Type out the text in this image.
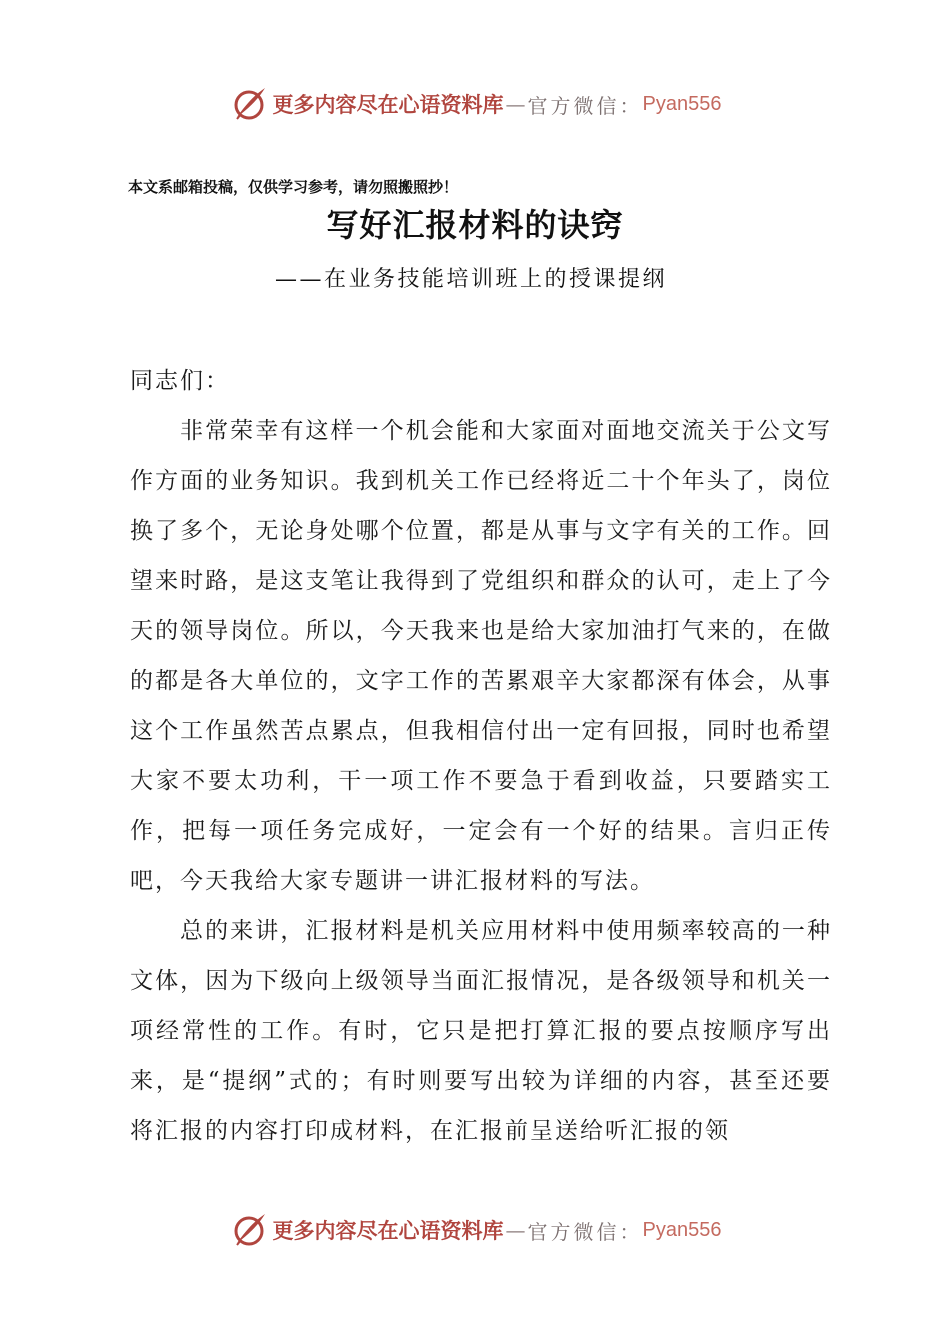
更多内容尽在心语资料库 — 官方微信： Pyan556
本文系邮箱投稿，仅供学习参考，请勿照搬照抄！
写好汇报材料的诀窍
——在业务技能培训班上的授课提纲

同志们：

非常荣幸有这样一个机会能和大家面对面地交流关于公文写作方面的业务知识。我到机关工作已经将近二十个年头了，岗位换了多个，无论身处哪个位置，都是从事与文字有关的工作。回望来时路，是这支笔让我得到了党组织和群众的认可，走上了今天的领导岗位。所以，今天我来也是给大家加油打气来的，在做的都是各大单位的，文字工作的苦累艰辛大家都深有体会，从事这个工作虽然苦点累点，但我相信付出一定有回报，同时也希望大家不要太功利，干一项工作不要急于看到收益，只要踏实工作，把每一项任务完成好，一定会有一个好的结果。言归正传吧，今天我给大家专题讲一讲汇报材料的写法。

总的来讲，汇报材料是机关应用材料中使用频率较高的一种文体，因为下级向上级领导当面汇报情况，是各级领导和机关一项经常性的工作。有时，它只是把打算汇报的要点按顺序写出来，是“提纲”式的；有时则要写出较为详细的内容，甚至还要将汇报的内容打印成材料，在汇报前呈送给听汇报的领

更多内容尽在心语资料库 — 官方微信： Pyan556
